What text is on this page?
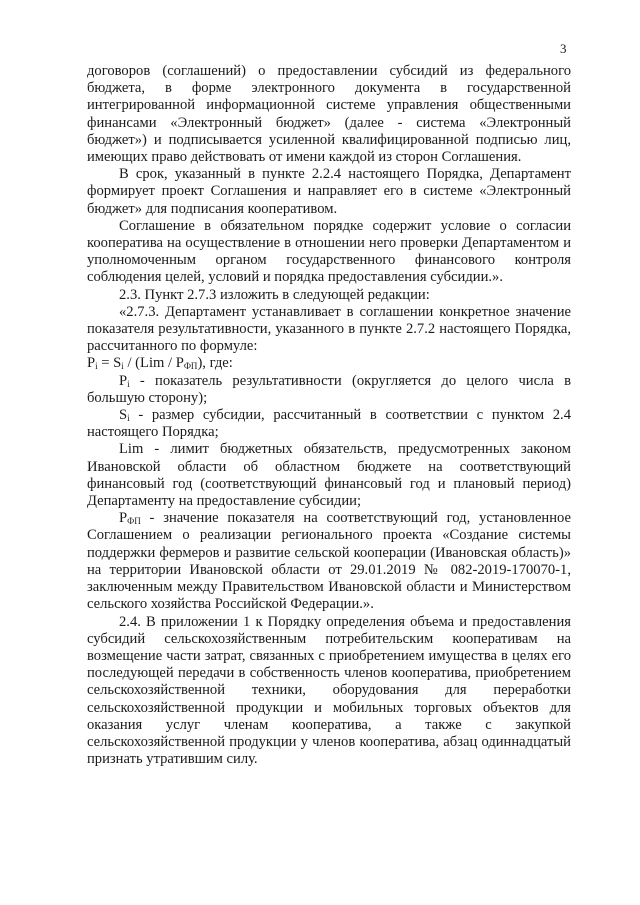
3

договоров (соглашений) о предоставлении субсидий из федерального бюджета, в форме электронного документа в государственной интегрированной информационной системе управления общественными финансами «Электронный бюджет» (далее - система «Электронный бюджет») и подписывается усиленной квалифицированной подписью лиц, имеющих право действовать от имени каждой из сторон Соглашения.

В срок, указанный в пункте 2.2.4 настоящего Порядка, Департамент формирует проект Соглашения и направляет его в системе «Электронный бюджет» для подписания кооперативом.

Соглашение в обязательном порядке содержит условие о согласии кооператива на осуществление в отношении него проверки Департаментом и уполномоченным органом государственного финансового контроля соблюдения целей, условий и порядка предоставления субсидии.».

2.3. Пункт 2.7.3 изложить в следующей редакции:

«2.7.3. Департамент устанавливает в соглашении конкретное значение показателя результативности, указанного в пункте 2.7.2 настоящего Порядка, рассчитанного по формуле:

$P_i = S_i / (Lim / P_{ФП})$, где:

$P_i$ - показатель результативности (округляется до целого числа в большую сторону);

$S_i$ - размер субсидии, рассчитанный в соответствии с пунктом 2.4 настоящего Порядка;

Lim - лимит бюджетных обязательств, предусмотренных законом Ивановской области об областном бюджете на соответствующий финансовый год (соответствующий финансовый год и плановый период) Департаменту на предоставление субсидии;

$P_{ФП}$ - значение показателя на соответствующий год, установленное Соглашением о реализации регионального проекта «Создание системы поддержки фермеров и развитие сельской кооперации (Ивановская область)» на территории Ивановской области от 29.01.2019 № 082-2019-170070-1, заключенным между Правительством Ивановской области и Министерством сельского хозяйства Российской Федерации.».

2.4. В приложении 1 к Порядку определения объема и предоставления субсидий сельскохозяйственным потребительским кооперативам на возмещение части затрат, связанных с приобретением имущества в целях его последующей передачи в собственность членов кооператива, приобретением сельскохозяйственной техники, оборудования для переработки сельскохозяйственной продукции и мобильных торговых объектов для оказания услуг членам кооператива, а также с закупкой сельскохозяйственной продукции у членов кооператива, абзац одиннадцатый признать утратившим силу.
